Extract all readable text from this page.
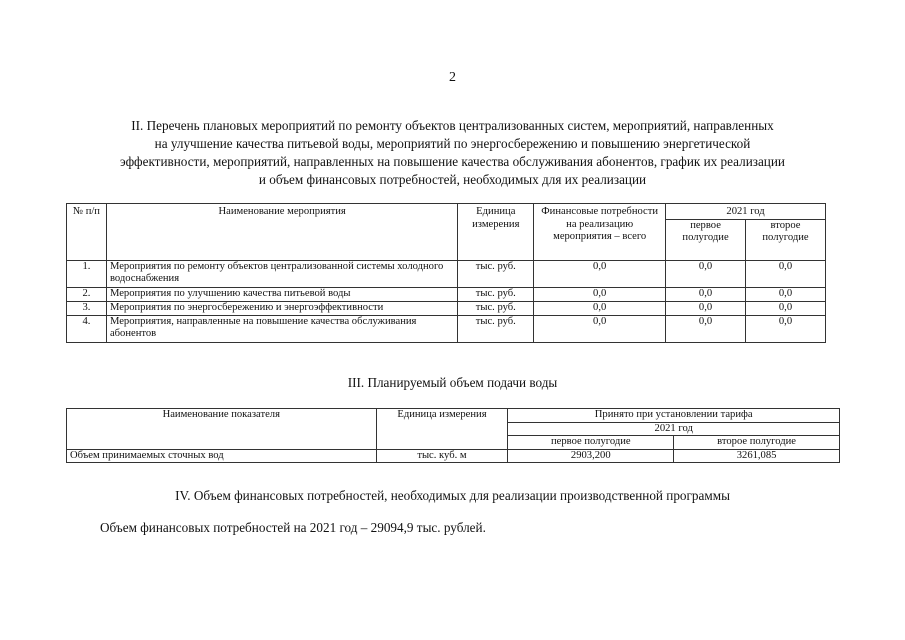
2
II. Перечень плановых мероприятий по ремонту объектов централизованных систем, мероприятий, направленных
на улучшение качества питьевой воды, мероприятий по энергосбережению и повышению энергетической
эффективности, мероприятий, направленных на повышение качества обслуживания абонентов, график их реализации
и объем финансовых потребностей, необходимых для их реализации
№ п/п	Наименование мероприятия	Единица измерения	Финансовые потребности на реализацию мероприятия – всего	2021 год	
				первое полугодие	второе полугодие
1.	Мероприятия по ремонту объектов централизованной системы холодного водоснабжения	тыс. руб.	0,0	0,0	0,0
2.	Мероприятия по улучшению качества питьевой воды	тыс. руб.	0,0	0,0	0,0
3.	Мероприятия по энергосбережению и энергоэффективности	тыс. руб.	0,0	0,0	0,0
4.	Мероприятия, направленные на повышение качества обслуживания абонентов	тыс. руб.	0,0	0,0	0,0
III. Планируемый объем подачи воды
Наименование показателя	Единица измерения	Принято при установлении тарифа	
		2021 год	
		первое полугодие	второе полугодие
Объем принимаемых сточных вод	тыс. куб. м	2903,200	3261,085
IV. Объем финансовых потребностей, необходимых для реализации производственной программы
Объем финансовых потребностей на 2021 год – 29094,9 тыс. рублей.
